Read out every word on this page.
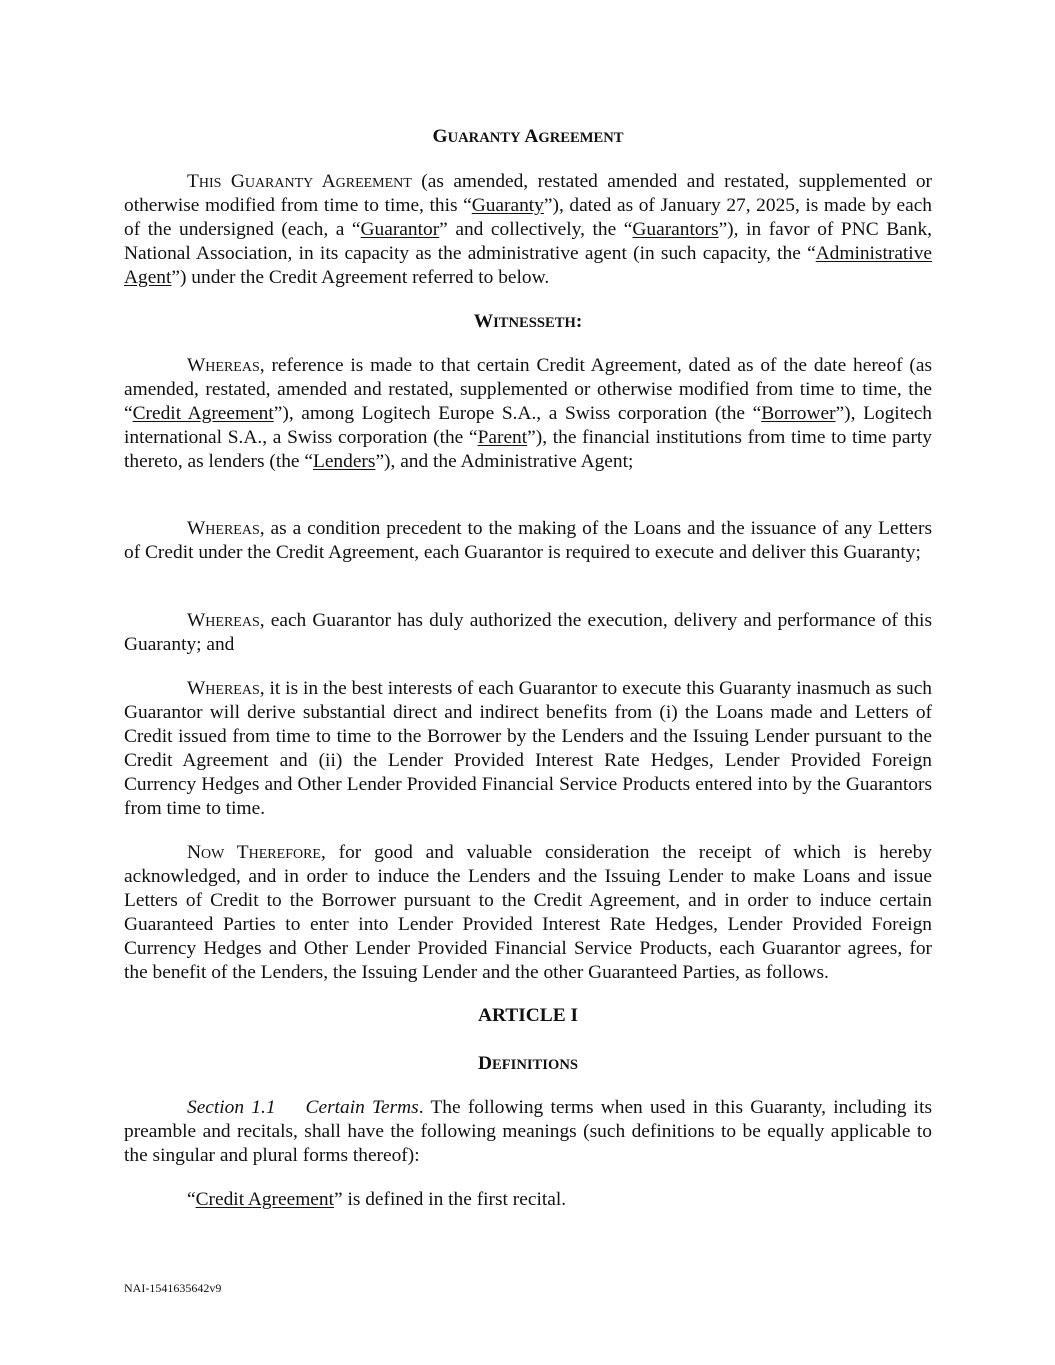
GUARANTY AGREEMENT

This Guaranty Agreement (as amended, restated amended and restated, supplemented or otherwise modified from time to time, this “Guaranty”), dated as of January 27, 2025, is made by each of the undersigned (each, a “Guarantor” and collectively, the “Guarantors”), in favor of PNC Bank, National Association, in its capacity as the administrative agent (in such capacity, the “Administrative Agent”) under the Credit Agreement referred to below.

WITNESSETH:

Whereas, reference is made to that certain Credit Agreement, dated as of the date hereof (as amended, restated, amended and restated, supplemented or otherwise modified from time to time, the “Credit Agreement”), among Logitech Europe S.A., a Swiss corporation (the “Borrower”), Logitech international S.A., a Swiss corporation (the “Parent”), the financial institutions from time to time party thereto, as lenders (the “Lenders”), and the Administrative Agent;

Whereas, as a condition precedent to the making of the Loans and the issuance of any Letters of Credit under the Credit Agreement, each Guarantor is required to execute and deliver this Guaranty;

Whereas, each Guarantor has duly authorized the execution, delivery and performance of this Guaranty; and

Whereas, it is in the best interests of each Guarantor to execute this Guaranty inasmuch as such Guarantor will derive substantial direct and indirect benefits from (i) the Loans made and Letters of Credit issued from time to time to the Borrower by the Lenders and the Issuing Lender pursuant to the Credit Agreement and (ii) the Lender Provided Interest Rate Hedges, Lender Provided Foreign Currency Hedges and Other Lender Provided Financial Service Products entered into by the Guarantors from time to time.

Now Therefore, for good and valuable consideration the receipt of which is hereby acknowledged, and in order to induce the Lenders and the Issuing Lender to make Loans and issue Letters of Credit to the Borrower pursuant to the Credit Agreement, and in order to induce certain Guaranteed Parties to enter into Lender Provided Interest Rate Hedges, Lender Provided Foreign Currency Hedges and Other Lender Provided Financial Service Products, each Guarantor agrees, for the benefit of the Lenders, the Issuing Lender and the other Guaranteed Parties, as follows.

ARTICLE I
DEFINITIONS

Section 1.1 Certain Terms. The following terms when used in this Guaranty, including its preamble and recitals, shall have the following meanings (such definitions to be equally applicable to the singular and plural forms thereof):

“Credit Agreement” is defined in the first recital.

NAI-1541635642v9
